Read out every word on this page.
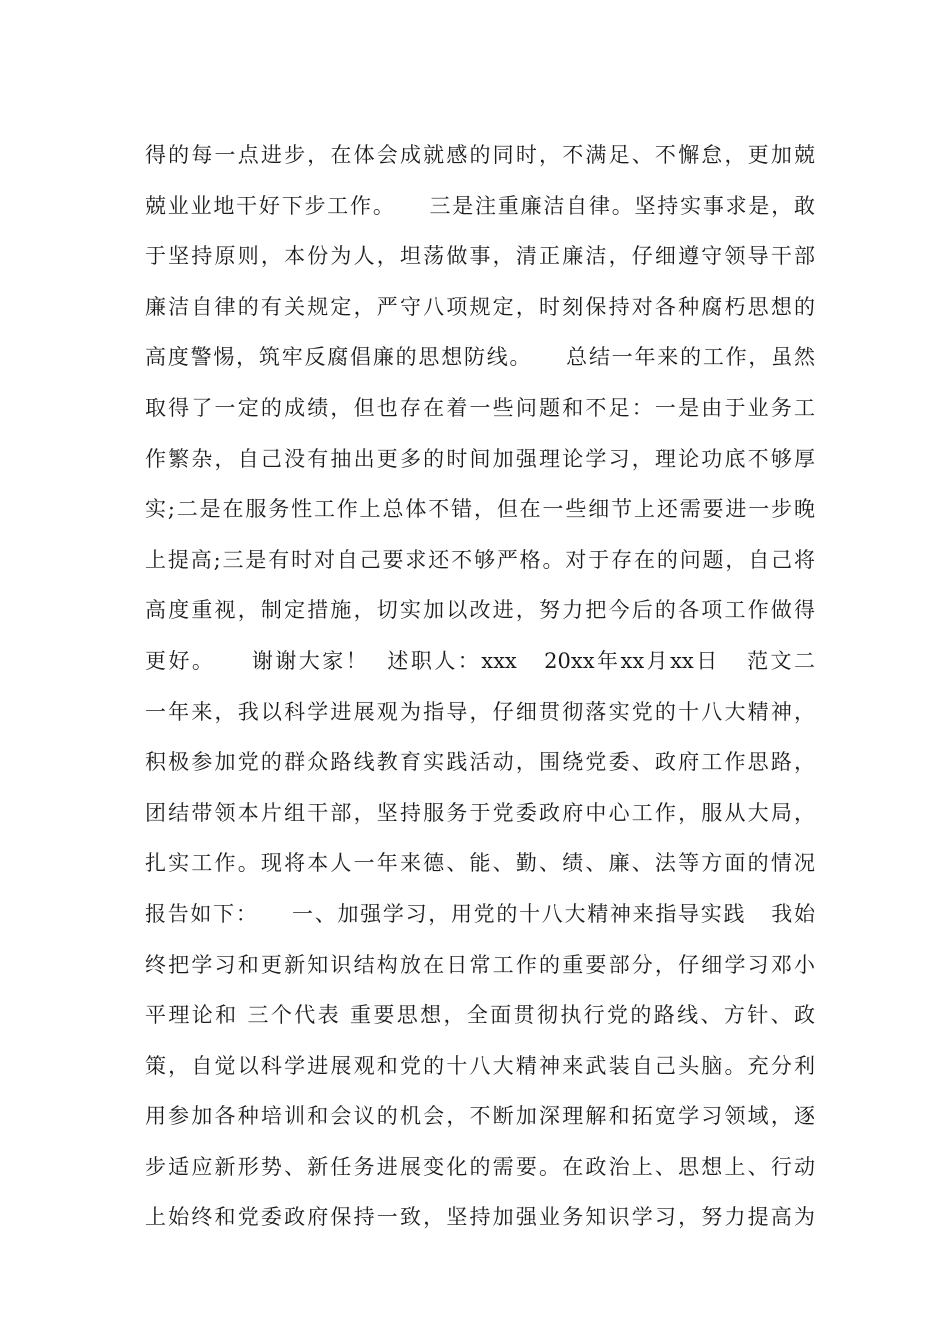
得的每一点进步，在体会成就感的同时，不满足、不懈怠，更加兢
兢业业地干好下步工作。    三是注重廉洁自律。坚持实事求是，敢
于坚持原则，本份为人，坦荡做事，清正廉洁，仔细遵守领导干部
廉洁自律的有关规定，严守八项规定，时刻保持对各种腐朽思想的
高度警惕，筑牢反腐倡廉的思想防线。    总结一年来的工作，虽然
取得了一定的成绩，但也存在着一些问题和不足：一是由于业务工
作繁杂，自己没有抽出更多的时间加强理论学习，理论功底不够厚
实;二是在服务性工作上总体不错，但在一些细节上还需要进一步晚
上提高;三是有时对自己要求还不够严格。对于存在的问题，自己将
高度重视，制定措施，切实加以改进，努力把今后的各项工作做得
更好。    谢谢大家！  述职人：xxx   20xx年xx月xx日   范文二
一年来，我以科学进展观为指导，仔细贯彻落实党的十八大精神，
积极参加党的群众路线教育实践活动，围绕党委、政府工作思路，
团结带领本片组干部，坚持服务于党委政府中心工作，服从大局，
扎实工作。现将本人一年来德、能、勤、绩、廉、法等方面的情况
报告如下：    一、加强学习，用党的十八大精神来指导实践   我始
终把学习和更新知识结构放在日常工作的重要部分，仔细学习邓小
平理论和 三个代表 重要思想，全面贯彻执行党的路线、方针、政
策，自觉以科学进展观和党的十八大精神来武装自己头脑。充分利
用参加各种培训和会议的机会，不断加深理解和拓宽学习领域，逐
步适应新形势、新任务进展变化的需要。在政治上、思想上、行动
上始终和党委政府保持一致，坚持加强业务知识学习，努力提高为
